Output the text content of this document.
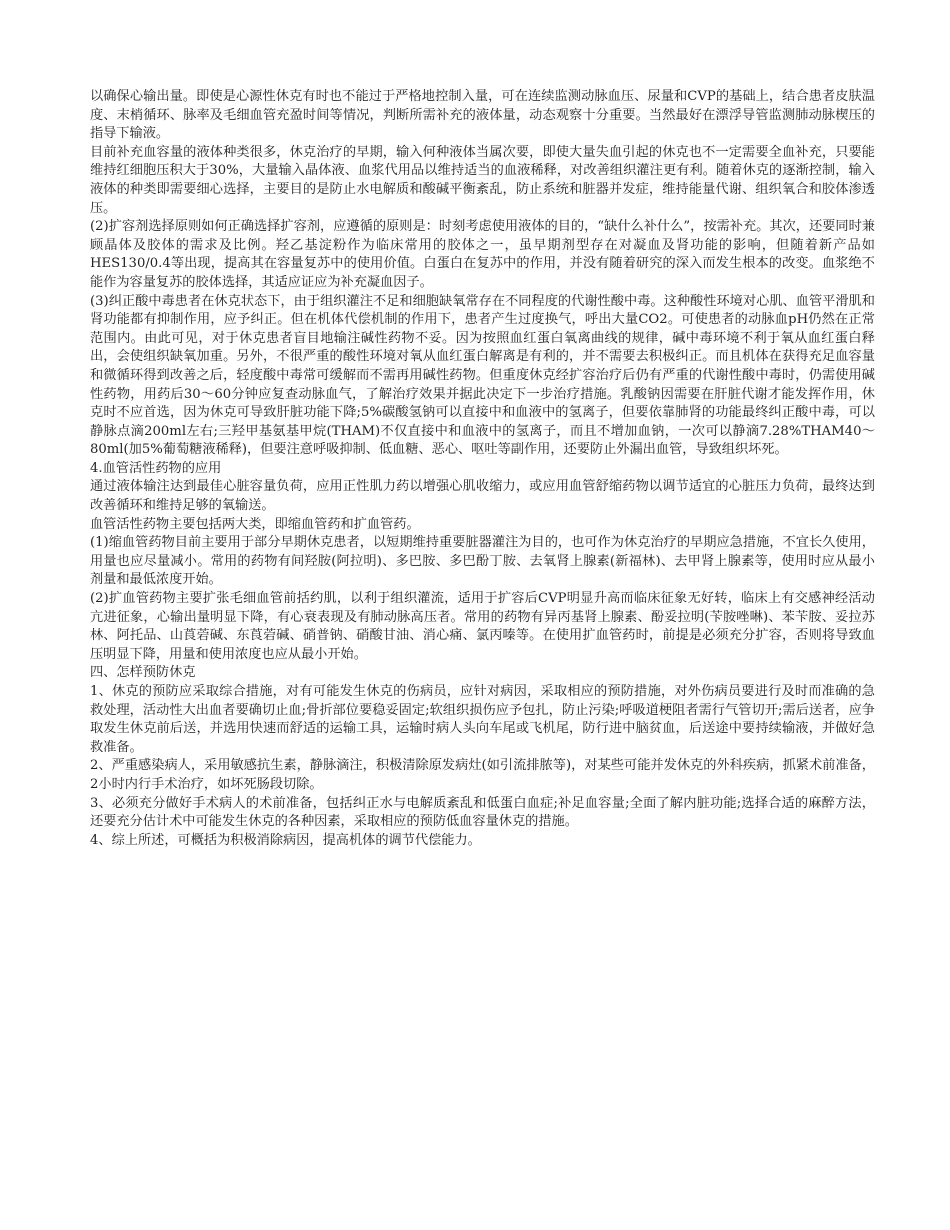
以确保心输出量。即使是心源性休克有时也不能过于严格地控制入量，可在连续监测动脉血压、尿量和CVP的基础上，结合患者皮肤温度、末梢循环、脉率及毛细血管充盈时间等情况，判断所需补充的液体量，动态观察十分重要。当然最好在漂浮导管监测肺动脉楔压的指导下输液。

目前补充血容量的液体种类很多，休克治疗的早期，输入何种液体当属次要，即使大量失血引起的休克也不一定需要全血补充，只要能维持红细胞压积大于30%，大量输入晶体液、血浆代用品以维持适当的血液稀释，对改善组织灌注更有利。随着休克的逐渐控制，输入液体的种类即需要细心选择，主要目的是防止水电解质和酸碱平衡紊乱，防止系统和脏器并发症，维持能量代谢、组织氧合和胶体渗透压。

(2)扩容剂选择原则如何正确选择扩容剂，应遵循的原则是：时刻考虑使用液体的目的，“缺什么补什么”，按需补充。其次，还要同时兼顾晶体及胶体的需求及比例。羟乙基淀粉作为临床常用的胶体之一，虽早期剂型存在对凝血及肾功能的影响，但随着新产品如HES130/0.4等出现，提高其在容量复苏中的使用价值。白蛋白在复苏中的作用，并没有随着研究的深入而发生根本的改变。血浆绝不能作为容量复苏的胶体选择，其适应证应为补充凝血因子。

(3)纠正酸中毒患者在休克状态下，由于组织灌注不足和细胞缺氧常存在不同程度的代谢性酸中毒。这种酸性环境对心肌、血管平滑肌和肾功能都有抑制作用，应予纠正。但在机体代偿机制的作用下，患者产生过度换气，呼出大量CO2。可使患者的动脉血pH仍然在正常范围内。由此可见，对于休克患者盲目地输注碱性药物不妥。因为按照血红蛋白氧离曲线的规律，碱中毒环境不利于氧从血红蛋白释出，会使组织缺氧加重。另外，不很严重的酸性环境对氧从血红蛋白解离是有利的，并不需要去积极纠正。而且机体在获得充足血容量和微循环得到改善之后，轻度酸中毒常可缓解而不需再用碱性药物。但重度休克经扩容治疗后仍有严重的代谢性酸中毒时，仍需使用碱性药物，用药后30～60分钟应复查动脉血气，了解治疗效果并据此决定下一步治疗措施。乳酸钠因需要在肝脏代谢才能发挥作用，休克时不应首选，因为休克可导致肝脏功能下降;5%碳酸氢钠可以直接中和血液中的氢离子，但要依靠肺肾的功能最终纠正酸中毒，可以静脉点滴200ml左右;三羟甲基氨基甲烷(THAM)不仅直接中和血液中的氢离子，而且不增加血钠，一次可以静滴7.28%THAM40～80ml(加5%葡萄糖液稀释)，但要注意呼吸抑制、低血糖、恶心、呕吐等副作用，还要防止外漏出血管，导致组织坏死。

4.血管活性药物的应用

通过液体输注达到最佳心脏容量负荷，应用正性肌力药以增强心肌收缩力，或应用血管舒缩药物以调节适宜的心脏压力负荷，最终达到改善循环和维持足够的氧输送。

血管活性药物主要包括两大类，即缩血管药和扩血管药。

(1)缩血管药物目前主要用于部分早期休克患者，以短期维持重要脏器灌注为目的，也可作为休克治疗的早期应急措施，不宜长久使用，用量也应尽量减小。常用的药物有间羟胺(阿拉明)、多巴胺、多巴酚丁胺、去氧肾上腺素(新福林)、去甲肾上腺素等，使用时应从最小剂量和最低浓度开始。

(2)扩血管药物主要扩张毛细血管前括约肌，以利于组织灌流，适用于扩容后CVP明显升高而临床征象无好转，临床上有交感神经活动亢进征象，心输出量明显下降，有心衰表现及有肺动脉高压者。常用的药物有异丙基肾上腺素、酚妥拉明(苄胺唑啉)、苯苄胺、妥拉苏林、阿托品、山莨菪碱、东莨菪碱、硝普钠、硝酸甘油、消心痛、氯丙嗪等。在使用扩血管药时，前提是必须充分扩容，否则将导致血压明显下降，用量和使用浓度也应从最小开始。

四、怎样预防休克

1、休克的预防应采取综合措施，对有可能发生休克的伤病员，应针对病因，采取相应的预防措施，对外伤病员要进行及时而准确的急救处理，活动性大出血者要确切止血;骨折部位要稳妥固定;软组织损伤应予包扎，防止污染;呼吸道梗阻者需行气管切开;需后送者，应争取发生休克前后送，并选用快速而舒适的运输工具，运输时病人头向车尾或飞机尾，防行进中脑贫血，后送途中要持续输液，并做好急救准备。

2、严重感染病人，采用敏感抗生素，静脉滴注，积极清除原发病灶(如引流排脓等)，对某些可能并发休克的外科疾病，抓紧术前准备，2小时内行手术治疗，如坏死肠段切除。

3、必须充分做好手术病人的术前准备，包括纠正水与电解质紊乱和低蛋白血症;补足血容量;全面了解内脏功能;选择合适的麻醉方法，还要充分估计术中可能发生休克的各种因素，采取相应的预防低血容量休克的措施。

4、综上所述，可概括为积极消除病因，提高机体的调节代偿能力。
